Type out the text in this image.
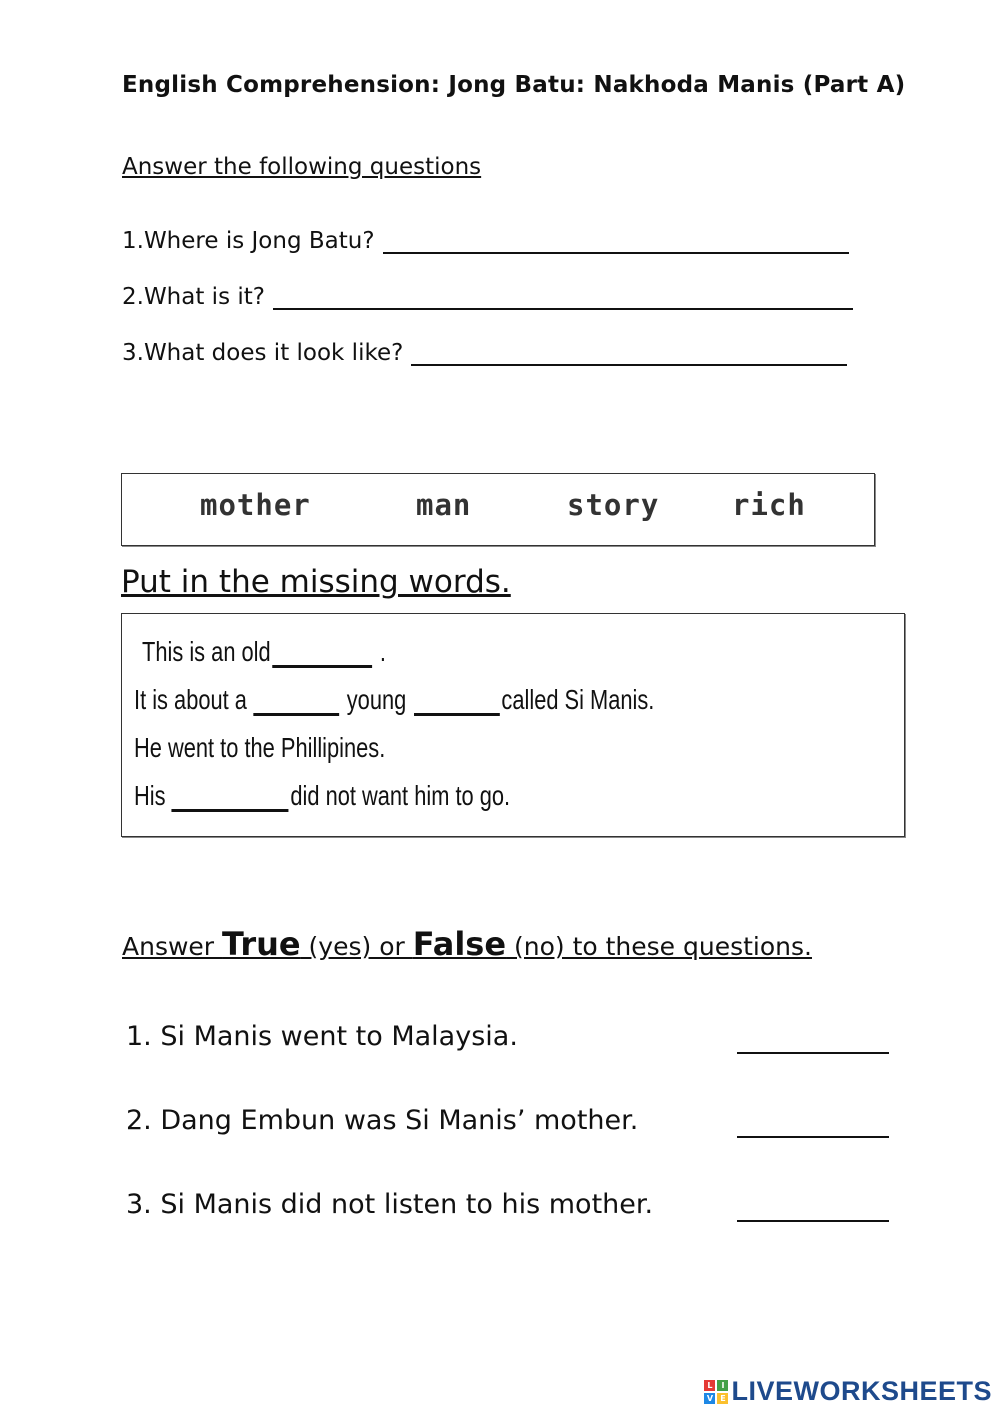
English Comprehension: Jong Batu: Nakhoda Manis (Part A)
Answer the following questions
1.Where is Jong Batu?
2.What is it?
3.What does it look like?
mother	man	story	rich
Put in the missing words.
This is an old	.
It is about a	young	called Si Manis.
He went to the Phillipines.
His	did not want him to go.
Answer True (yes) or False (no) to these questions.
1. Si Manis went to Malaysia.
2. Dang Embun was Si Manis’ mother.
3. Si Manis did not listen to his mother.
L	I
V E LIVEWORKSHEETS
